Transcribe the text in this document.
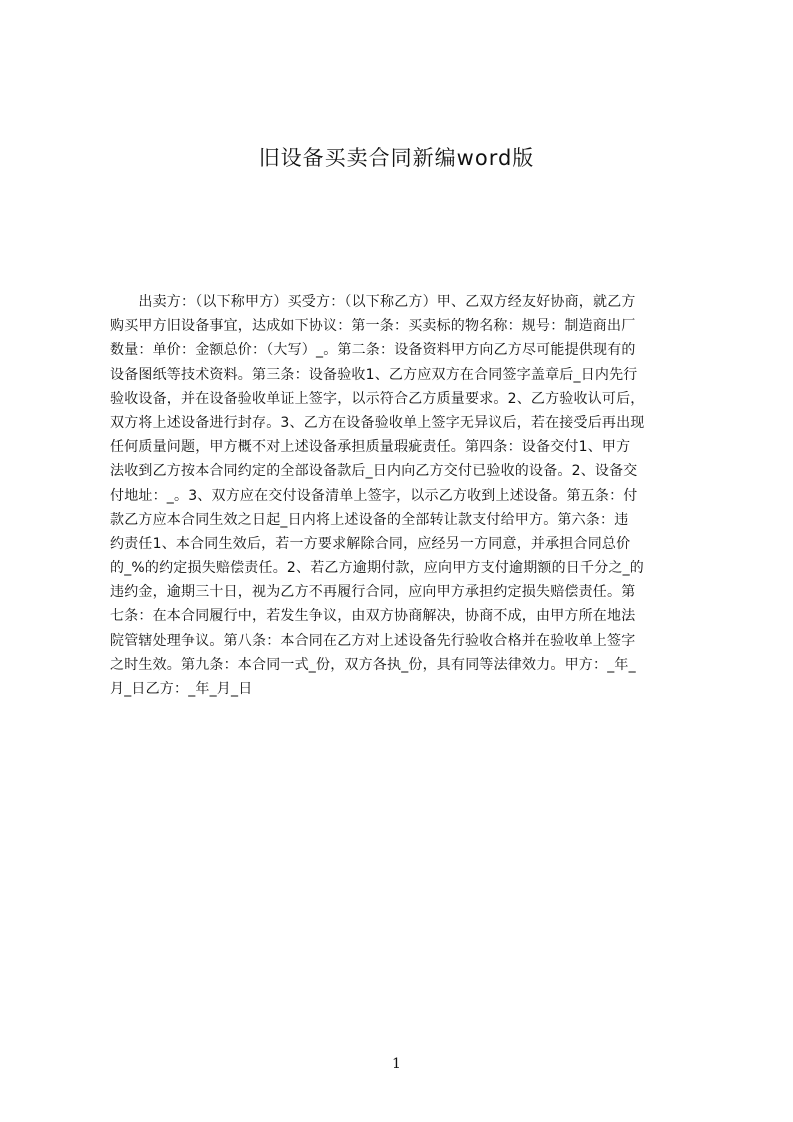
旧设备买卖合同新编word版
　　出卖方：（以下称甲方）买受方：（以下称乙方）甲、乙双方经友好协商，就乙方
购买甲方旧设备事宜，达成如下协议：第一条：买卖标的物名称：规号：制造商出厂
数量：单价：金额总价：（大写）_。第二条：设备资料甲方向乙方尽可能提供现有的
设备图纸等技术资料。第三条：设备验收1、乙方应双方在合同签字盖章后_日内先行
验收设备，并在设备验收单证上签字，以示符合乙方质量要求。2、乙方验收认可后，
双方将上述设备进行封存。3、乙方在设备验收单上签字无异议后，若在接受后再出现
任何质量问题，甲方概不对上述设备承担质量瑕疵责任。第四条：设备交付1、甲方
法收到乙方按本合同约定的全部设备款后_日内向乙方交付已验收的设备。2、设备交
付地址：_。3、双方应在交付设备清单上签字，以示乙方收到上述设备。第五条：付
款乙方应本合同生效之日起_日内将上述设备的全部转让款支付给甲方。第六条：违
约责任1、本合同生效后，若一方要求解除合同，应经另一方同意，并承担合同总价
的_%的约定损失赔偿责任。2、若乙方逾期付款，应向甲方支付逾期额的日千分之_的
违约金，逾期三十日，视为乙方不再履行合同，应向甲方承担约定损失赔偿责任。第
七条：在本合同履行中，若发生争议，由双方协商解决，协商不成，由甲方所在地法
院管辖处理争议。第八条：本合同在乙方对上述设备先行验收合格并在验收单上签字
之时生效。第九条：本合同一式_份，双方各执_份，具有同等法律效力。甲方：_年_
月_日乙方：_年_月_日
1
